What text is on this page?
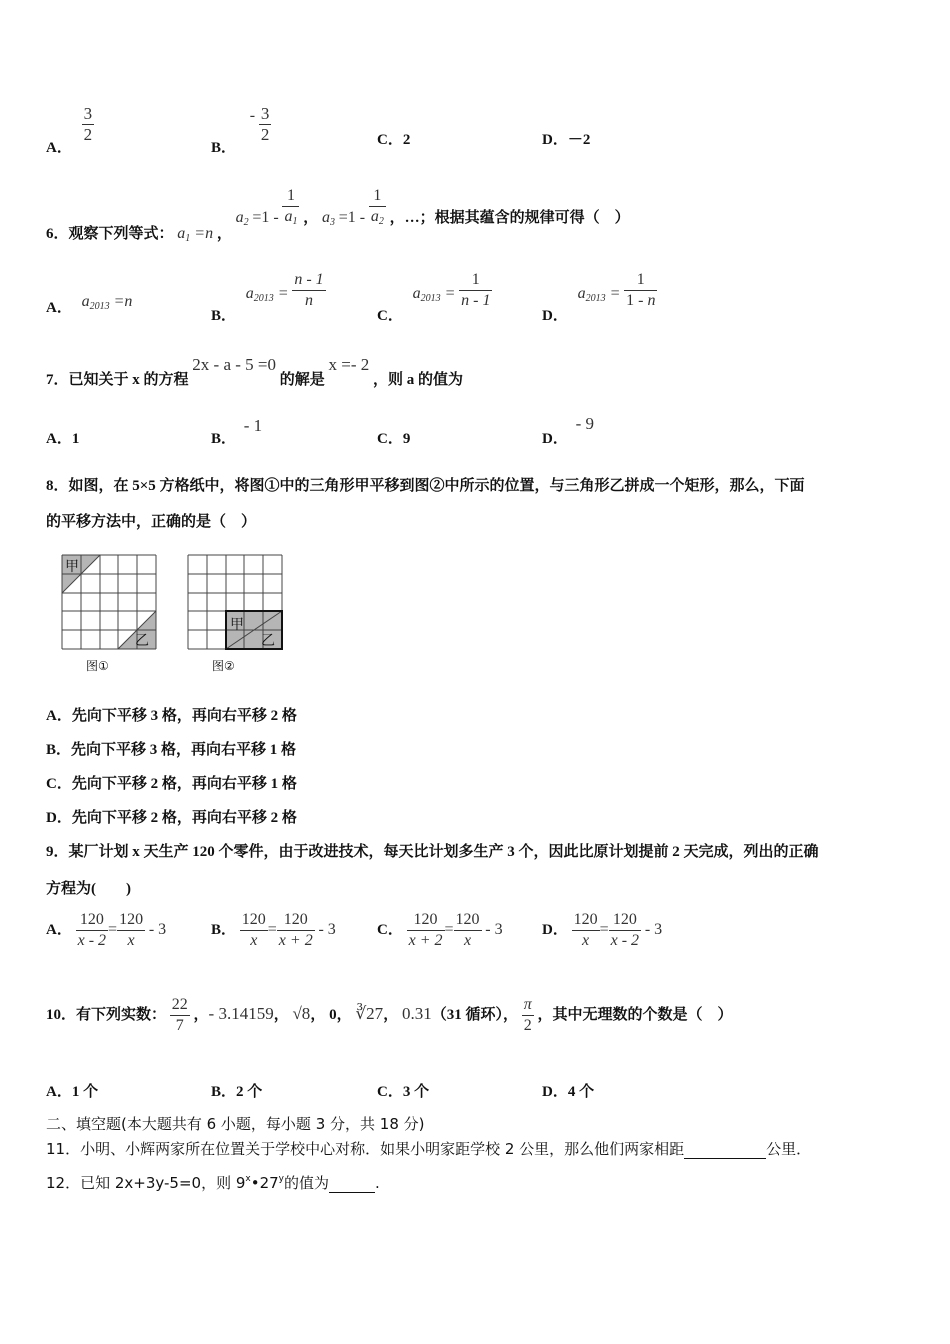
A．
$\frac{3}{2}$
B． - $\frac{3}{2}$	C．2	D．－2
6．观察下列等式： $a_1 =n$ ， $a_2 =1 - \frac{1}{a_1}$ ， $a_3 =1 - \frac{1}{a_2}$ ，…；根据其蕴含的规律可得（　）
A． $a_{2013} =n$
B． $a_{2013} = \frac{n - 1}{n}$
C． $a_{2013} = \frac{1}{n - 1}$
D． $a_{2013} = \frac{1}{1 - n}$
7．已知关于 x 的方程 2x - a - 5 =0 的解是 x =- 2 ，则 a 的值为
A．1	B． - 1
C．9	D． - 9
8．如图，在 5×5 方格纸中，将图①中的三角形甲平移到图②中所示的位置，与三角形乙拼成一个矩形，那么，下面
的平移方法中，正确的是（　）
甲
乙
图①
甲
乙
图②
A．先向下平移 3 格，再向右平移 2 格
B．先向下平移 3 格，再向右平移 1 格
C．先向下平移 2 格，再向右平移 1 格
D．先向下平移 2 格，再向右平移 2 格
9．某厂计划 x 天生产 120 个零件，由于改进技术，每天比计划多生产 3 个，因此比原计划提前 2 天完成，列出的正确
方程为(　　)
A． $\frac{120}{x - 2} = \frac{120}{x} - 3$	B． $\frac{120}{x} = \frac{120}{x + 2} - 3$	C． $\frac{120}{x + 2} = \frac{120}{x} - 3$	D． $\frac{120}{x} = \frac{120}{x - 2} - 3$
10．有下列实数： $\frac{22}{7}$ ，- 3.14159， √8， 0， ∛27， 0.31（31 循环）， $\frac{\pi}{2}$ ，其中无理数的个数是（　）
A．1 个	B．2 个	C．3 个	D．4 个
二、填空题(本大题共有 6 小题，每小题 3 分，共 18 分)
11．小明、小辉两家所在位置关于学校中心对称．如果小明家距学校 2 公里，那么他们两家相距	公里．
12．已知 2x+3y-5=0，则 9$^x$•27$^y$的值为	.
